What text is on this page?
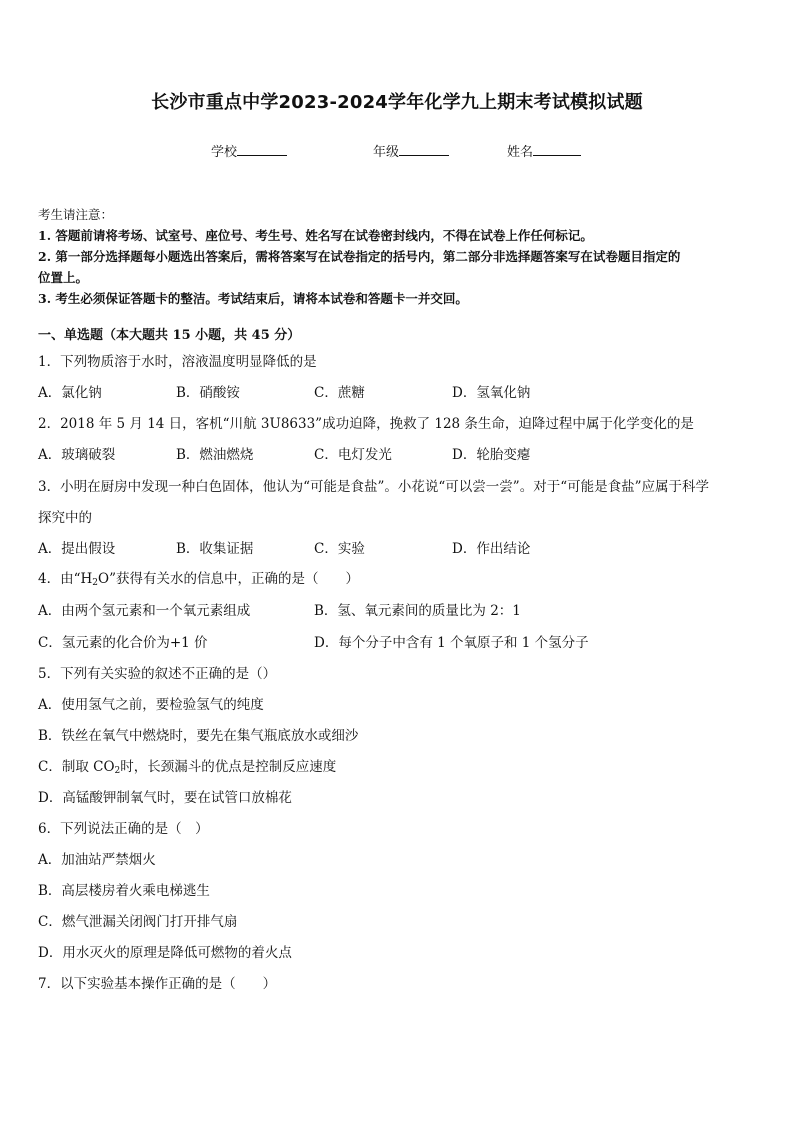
长沙市重点中学2023-2024学年化学九上期末考试模拟试题
学校	年级	姓名
考生请注意：
1. 答题前请将考场、试室号、座位号、考生号、姓名写在试卷密封线内，不得在试卷上作任何标记。
2. 第一部分选择题每小题选出答案后，需将答案写在试卷指定的括号内，第二部分非选择题答案写在试卷题目指定的
位置上。
3. 考生必须保证答题卡的整洁。考试结束后，请将本试卷和答题卡一并交回。
一、单选题（本大题共 15 小题，共 45 分）
1．下列物质溶于水时，溶液温度明显降低的是
A．氯化钠	B．硝酸铵	C．蔗糖	D．氢氧化钠
2．2018 年 5 月 14 日，客机“川航 3U8633”成功迫降，挽救了 128 条生命，迫降过程中属于化学变化的是
A．玻璃破裂	B．燃油燃烧	C．电灯发光	D．轮胎变瘪
3．小明在厨房中发现一种白色固体，他认为“可能是食盐”。小花说“可以尝一尝”。对于“可能是食盐”应属于科学
探究中的
A．提出假设	B．收集证据	C．实验	D．作出结论
4．由“$H_2O$”获得有关水的信息中，正确的是（　　）
A．由两个氢元素和一个氧元素组成	B．氢、氧元素间的质量比为 2：1
C．氢元素的化合价为+1 价	D．每个分子中含有 1 个氧原子和 1 个氢分子
5．下列有关实验的叙述不正确的是（）
A．使用氢气之前，要检验氢气的纯度
B．铁丝在氧气中燃烧时，要先在集气瓶底放水或细沙
C．制取 $CO_2$时，长颈漏斗的优点是控制反应速度
D．高锰酸钾制氧气时，要在试管口放棉花
6．下列说法正确的是（　）
A．加油站严禁烟火
B．高层楼房着火乘电梯逃生
C．燃气泄漏关闭阀门打开排气扇
D．用水灭火的原理是降低可燃物的着火点
7．以下实验基本操作正确的是（　　）
